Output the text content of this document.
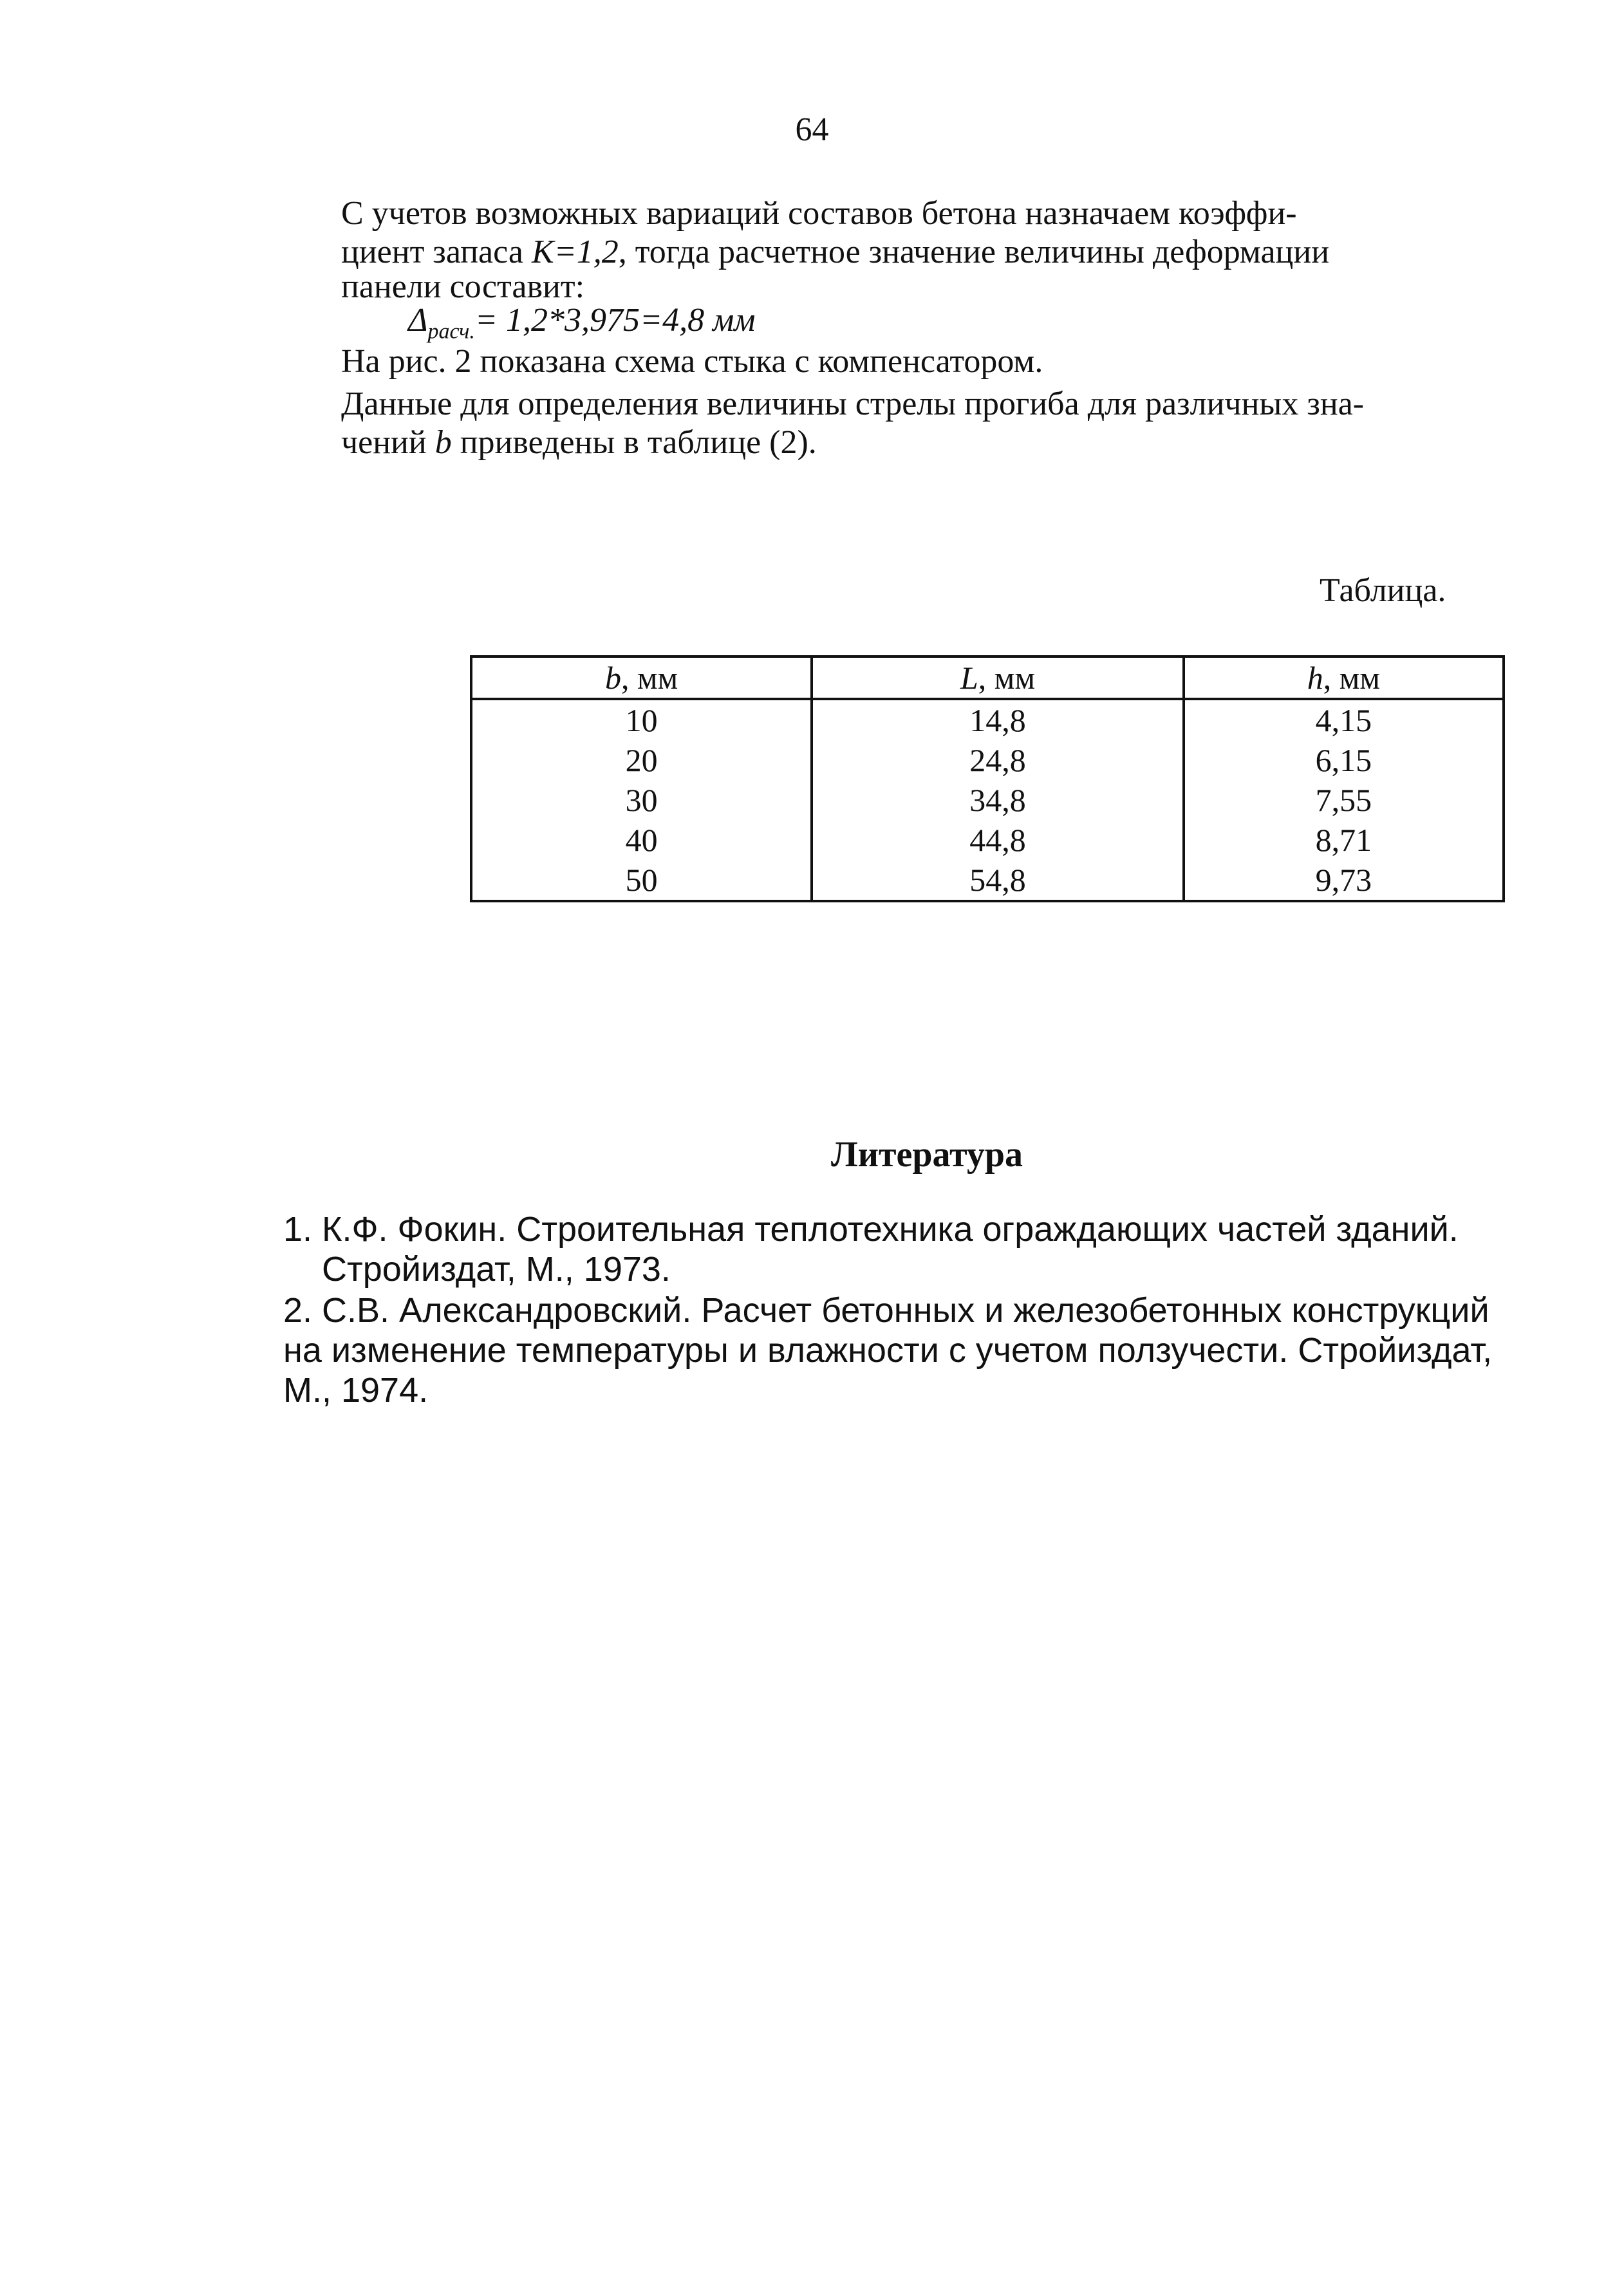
64
С учетов возможных вариаций составов бетона назначаем коэффи-
циент запаса K=1,2, тогда расчетное значение величины деформации
панели составит:
$\Delta_{расч.}= 1,2*3,975=4,8$ мм
На рис. 2 показана схема стыка с компенсатором.
Данные для определения величины стрелы прогиба для различных зна-
чений b приведены в таблице (2).
Таблица.
b, мм	L, мм	h, мм
10	14,8	4,15
20	24,8	6,15
30	34,8	7,55
40	44,8	8,71
50	54,8	9,73
Литература
1. К.Ф. Фокин. Строительная теплотехника ограждающих частей зданий.
Стройиздат, М., 1973.
2. С.В. Александровский. Расчет бетонных и железобетонных конструкций
на изменение температуры и влажности с учетом ползучести. Стройиздат,
М., 1974.
